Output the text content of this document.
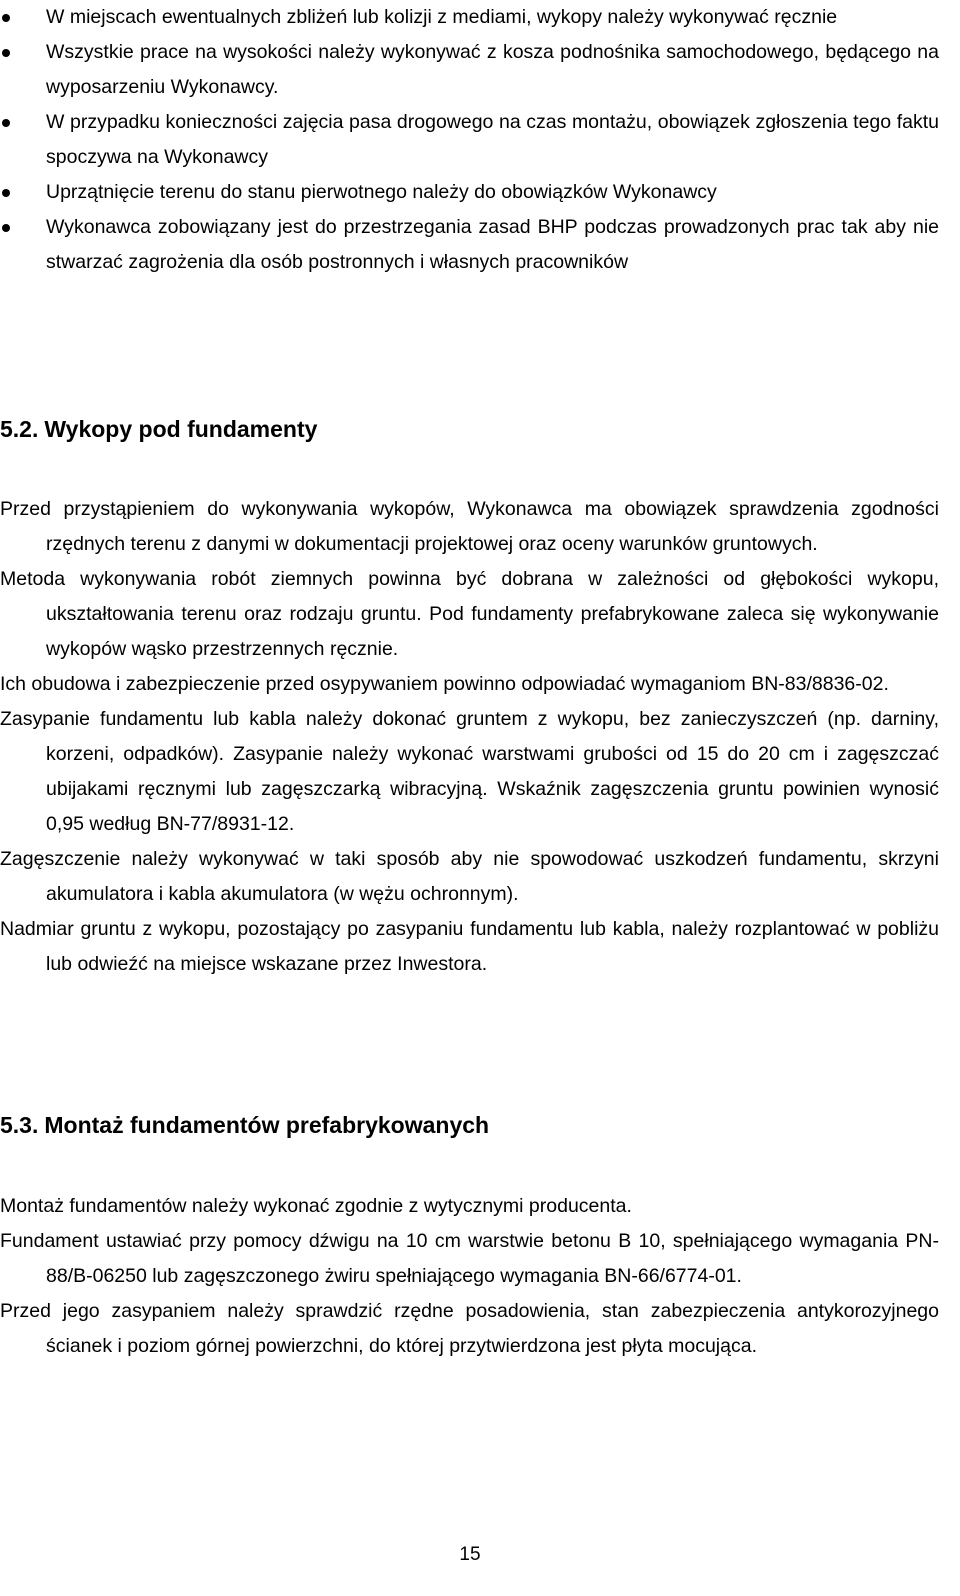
W miejscach ewentualnych zbliżeń lub kolizji z mediami, wykopy należy wykonywać ręcznie
Wszystkie prace na wysokości należy wykonywać z kosza podnośnika samochodowego, będącego na wyposarzeniu Wykonawcy.
W przypadku konieczności zajęcia pasa drogowego na czas montażu, obowiązek zgłoszenia tego faktu spoczywa na Wykonawcy
Uprzątnięcie terenu do stanu pierwotnego należy do obowiązków Wykonawcy
Wykonawca zobowiązany jest do przestrzegania zasad BHP podczas prowadzonych prac tak aby nie stwarzać zagrożenia dla osób postronnych i własnych pracowników
5.2. Wykopy pod fundamenty
Przed przystąpieniem do wykonywania wykopów, Wykonawca ma obowiązek sprawdzenia zgodności rzędnych terenu z danymi w dokumentacji projektowej oraz oceny warunków gruntowych.
Metoda wykonywania robót ziemnych powinna być dobrana w zależności od głębokości wykopu, ukształtowania terenu oraz rodzaju gruntu. Pod fundamenty prefabrykowane zaleca się wykonywanie wykopów wąsko przestrzennych ręcznie.
Ich obudowa i zabezpieczenie przed osypywaniem powinno odpowiadać wymaganiom BN-83/8836-02.
Zasypanie fundamentu lub kabla należy dokonać gruntem z wykopu, bez zanieczyszczeń (np. darniny, korzeni, odpadków). Zasypanie należy wykonać warstwami grubości od 15 do 20 cm i zagęszczać ubijakami ręcznymi lub zagęszczarką wibracyjną. Wskaźnik zagęszczenia gruntu powinien wynosić 0,95 według BN-77/8931-12.
Zagęszczenie należy wykonywać w taki sposób aby nie spowodować uszkodzeń fundamentu, skrzyni akumulatora i kabla akumulatora (w wężu ochronnym).
Nadmiar gruntu z wykopu, pozostający po zasypaniu fundamentu lub kabla, należy rozplantować w pobliżu lub odwieźć na miejsce wskazane przez Inwestora.
5.3. Montaż fundamentów prefabrykowanych
Montaż fundamentów należy wykonać zgodnie z wytycznymi producenta.
Fundament ustawiać przy pomocy dźwigu na 10 cm warstwie betonu B 10, spełniającego wymagania PN-88/B-06250 lub zagęszczonego żwiru spełniającego wymagania BN-66/6774-01.
Przed jego zasypaniem należy sprawdzić rzędne posadowienia, stan zabezpieczenia antykorozyjnego ścianek i poziom górnej powierzchni, do której przytwierdzona jest płyta mocująca.
15
